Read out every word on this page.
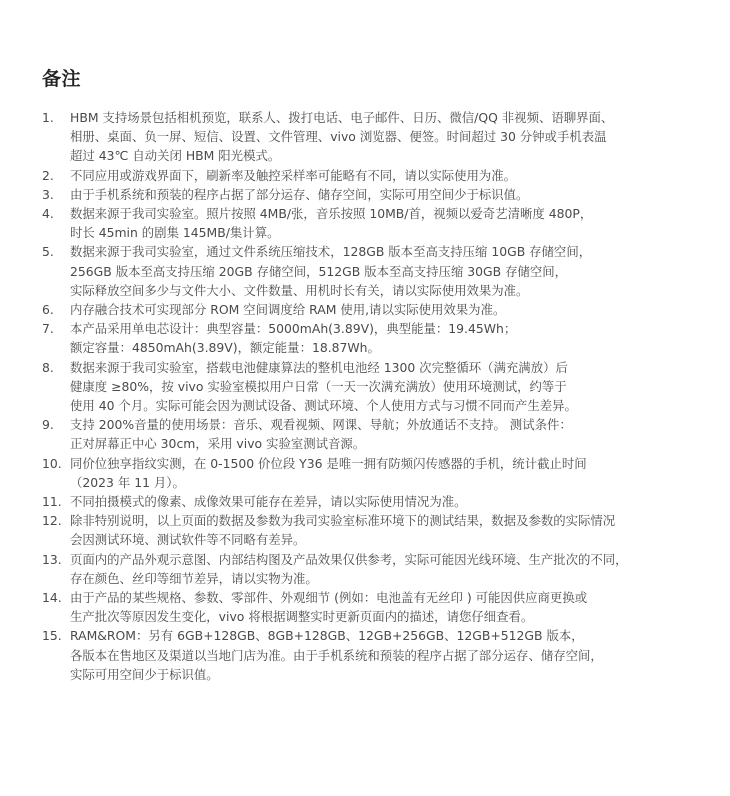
备注
1. HBM 支持场景包括相机预览，联系人、拨打电话、电子邮件、日历、微信/QQ 非视频、语聊界面、
相册、桌面、负一屏、短信、设置、文件管理、vivo 浏览器、便签。时间超过 30 分钟或手机表温
超过 43℃ 自动关闭 HBM 阳光模式。
2. 不同应用或游戏界面下，刷新率及触控采样率可能略有不同，请以实际使用为准。
3. 由于手机系统和预装的程序占据了部分运存、储存空间，实际可用空间少于标识值。
4. 数据来源于我司实验室。照片按照 4MB/张，音乐按照 10MB/首，视频以爱奇艺清晰度 480P，
时长 45min 的剧集 145MB/集计算。
5. 数据来源于我司实验室，通过文件系统压缩技术，128GB 版本至高支持压缩 10GB 存储空间，
256GB 版本至高支持压缩 20GB 存储空间，512GB 版本至高支持压缩 30GB 存储空间，
实际释放空间多少与文件大小、文件数量、用机时长有关，请以实际使用效果为准。
6. 内存融合技术可实现部分 ROM 空间调度给 RAM 使用,请以实际使用效果为准。
7. 本产品采用单电芯设计：典型容量：5000mAh(3.89V)，典型能量：19.45Wh；
额定容量：4850mAh(3.89V)，额定能量：18.87Wh。
8. 数据来源于我司实验室，搭载电池健康算法的整机电池经 1300 次完整循环（满充满放）后
健康度 ≥80%，按 vivo 实验室模拟用户日常（一天一次满充满放）使用环境测试，约等于
使用 40 个月。实际可能会因为测试设备、测试环境、个人使用方式与习惯不同而产生差异。
9. 支持 200%音量的使用场景：音乐、观看视频、网课、导航；外放通话不支持。 测试条件：
正对屏幕正中心 30cm，采用 vivo 实验室测试音源。
10. 同价位独享指纹实测，在 0-1500 价位段 Y36 是唯一拥有防频闪传感器的手机，统计截止时间
（2023 年 11 月）。
11. 不同拍摄模式的像素、成像效果可能存在差异，请以实际使用情况为准。
12. 除非特别说明，以上页面的数据及参数为我司实验室标准环境下的测试结果，数据及参数的实际情况
会因测试环境、测试软件等不同略有差异。
13. 页面内的产品外观示意图、内部结构图及产品效果仅供参考，实际可能因光线环境、生产批次的不同，
存在颜色、丝印等细节差异，请以实物为准。
14. 由于产品的某些规格、参数、零部件、外观细节 (例如：电池盖有无丝印 ) 可能因供应商更换或
生产批次等原因发生变化，vivo 将根据调整实时更新页面内的描述，请您仔细查看。
15. RAM&ROM：另有 6GB+128GB、8GB+128GB、12GB+256GB、12GB+512GB 版本，
各版本在售地区及渠道以当地门店为准。由于手机系统和预装的程序占据了部分运存、储存空间，
实际可用空间少于标识值。
